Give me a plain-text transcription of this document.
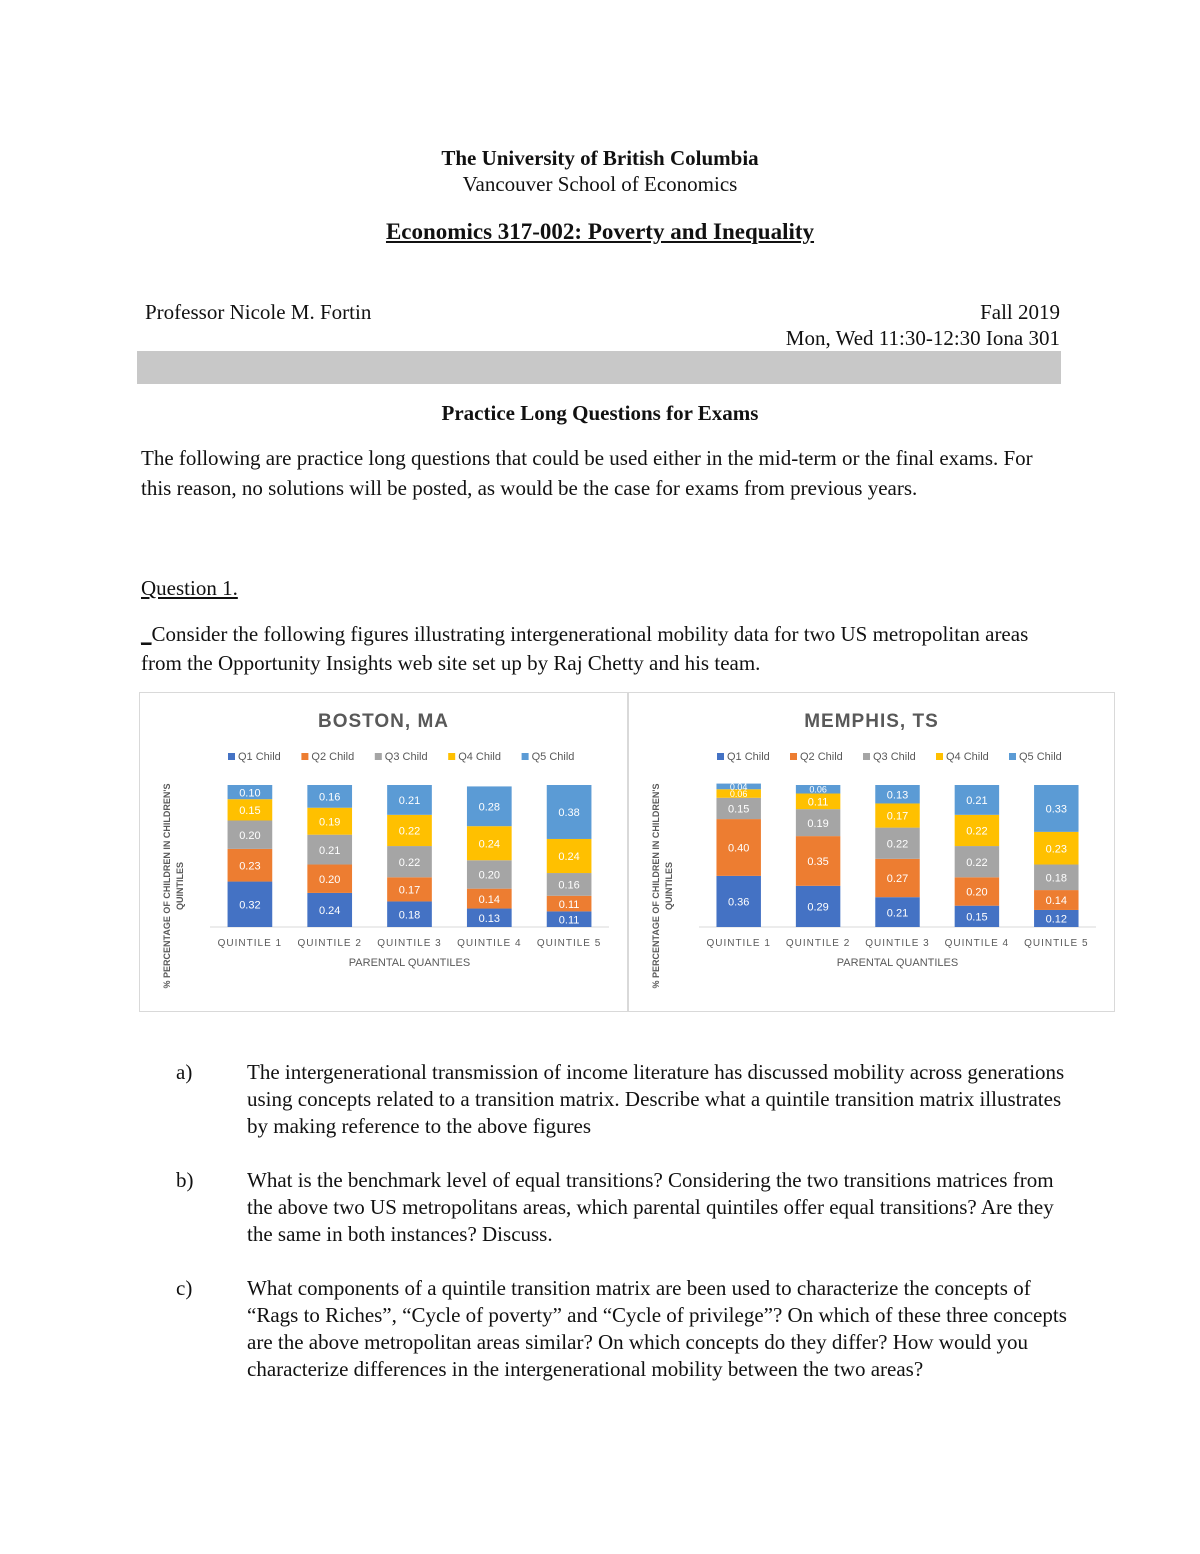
The University of British Columbia
Vancouver School of Economics
Economics 317-002: Poverty and Inequality
Professor Nicole M. Fortin	Fall 2019
Mon, Wed 11:30-12:30 Iona 301
Practice Long Questions for Exams
The following are practice long questions that could be used either in the mid-term or the final exams. For this reason, no solutions will be posted, as would be the case for exams from previous years.
Question 1.
_Consider the following figures illustrating intergenerational mobility data for two US metropolitan areas from the Opportunity Insights web site set up by Raj Chetty and his team.
BOSTON, MA
Q1 Child	Q2 Child	Q3 Child	Q4 Child	Q5 Child
% PERCENTAGE OF CHILDREN IN CHILDREN'S QUINTILES	0.32
0.23
0.20
0.15
0.10
QUINTILE 1
0.24
0.20
0.21
0.19
0.16
QUINTILE 2
0.18
0.17
0.22
0.22
0.21
QUINTILE 3
0.13
0.14
0.20
0.24
0.28
QUINTILE 4
0.11
0.11
0.16
0.24
0.38
QUINTILE 5
PARENTAL QUANTILES
MEMPHIS, TS
Q1 Child	Q2 Child	Q3 Child	Q4 Child	Q5 Child
% PERCENTAGE OF CHILDREN IN CHILDREN'S QUINTILES	0.36
0.40
0.15
0.06
0.04
QUINTILE 1
0.29
0.35
0.19
0.11
0.06
QUINTILE 2
0.21
0.27
0.22
0.17
0.13
QUINTILE 3
0.15
0.20
0.22
0.22
0.21
QUINTILE 4
0.12
0.14
0.18
0.23
0.33
QUINTILE 5
PARENTAL QUANTILES
a)	The intergenerational transmission of income literature has discussed mobility across generations using concepts related to a transition matrix. Describe what a quintile transition matrix illustrates by making reference to the above figures
b)	What is the benchmark level of equal transitions? Considering the two transitions matrices from the above two US metropolitans areas, which parental quintiles offer equal transitions? Are they the same in both instances? Discuss.
c)	What components of a quintile transition matrix are been used to characterize the concepts of “Rags to Riches”, “Cycle of poverty” and “Cycle of privilege”? On which of these three concepts are the above metropolitan areas similar? On which concepts do they differ? How would you characterize differences in the intergenerational mobility between the two areas?
